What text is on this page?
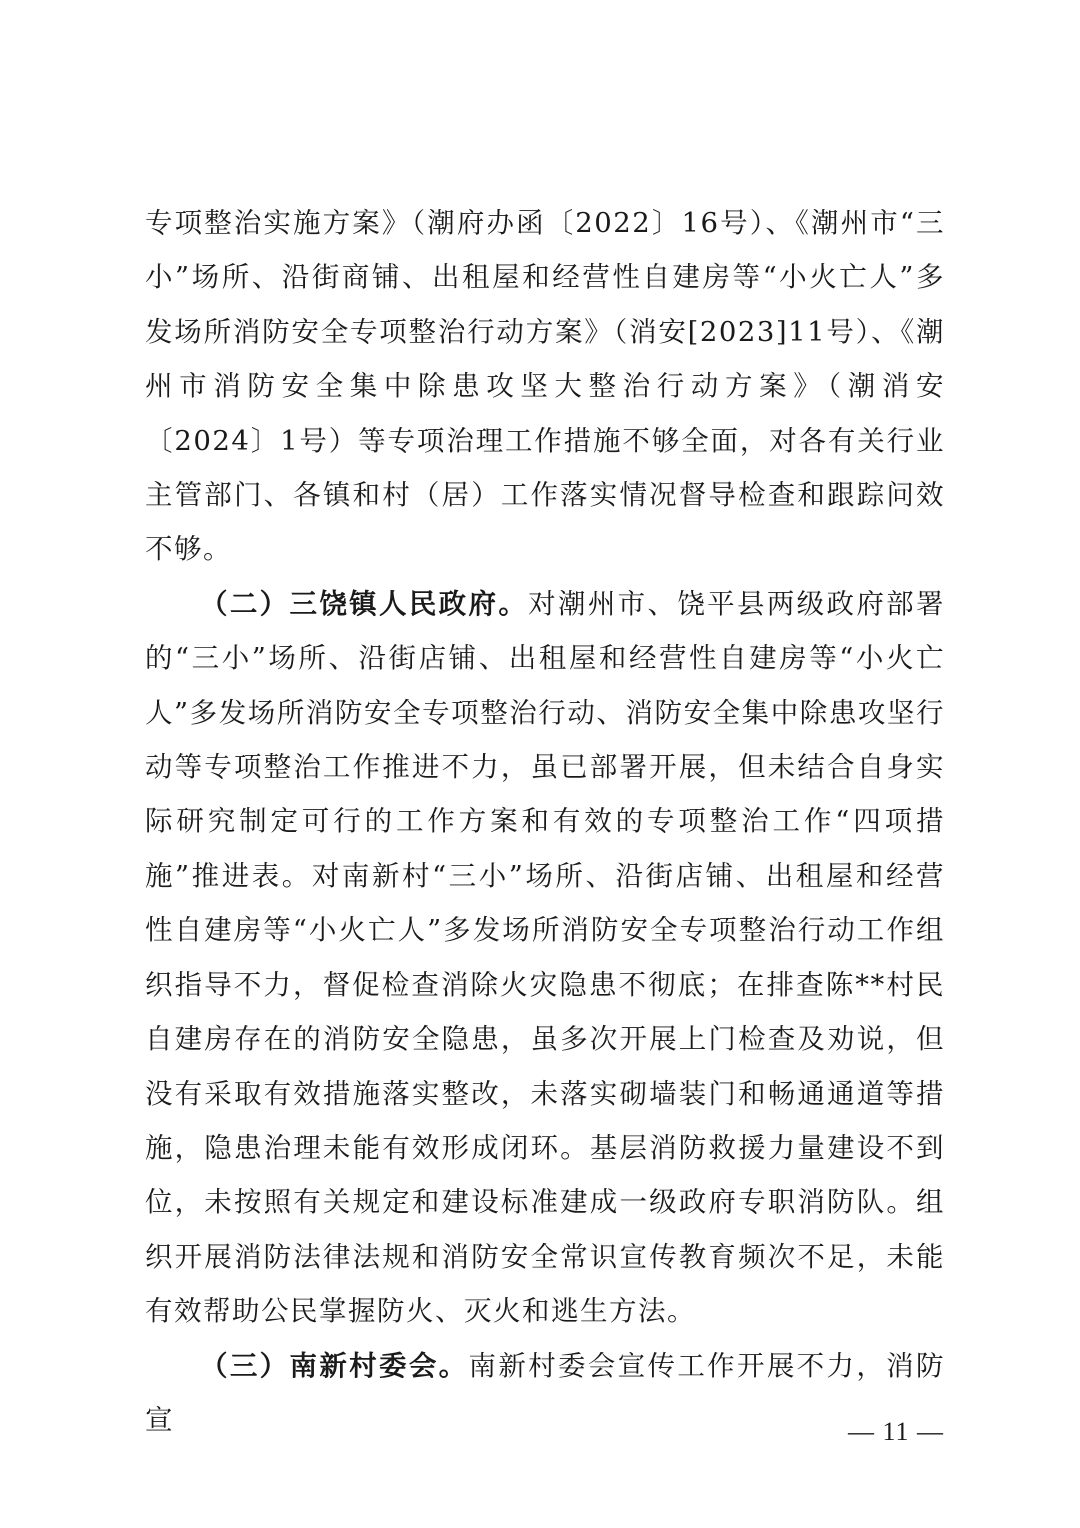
专项整治实施方案》（潮府办函〔2022〕16号）、《潮州市“三小”场所、沿街商铺、出租屋和经营性自建房等“小火亡人”多发场所消防安全专项整治行动方案》（消安[2023]11号）、《潮州市消防安全集中除患攻坚大整治行动方案》（潮消安〔2024〕1号）等专项治理工作措施不够全面，对各有关行业主管部门、各镇和村（居）工作落实情况督导检查和跟踪问效不够。

（二）三饶镇人民政府。对潮州市、饶平县两级政府部署的“三小”场所、沿街店铺、出租屋和经营性自建房等“小火亡人”多发场所消防安全专项整治行动、消防安全集中除患攻坚行动等专项整治工作推进不力，虽已部署开展，但未结合自身实际研究制定可行的工作方案和有效的专项整治工作“四项措施”推进表。对南新村“三小”场所、沿街店铺、出租屋和经营性自建房等“小火亡人”多发场所消防安全专项整治行动工作组织指导不力，督促检查消除火灾隐患不彻底；在排查陈**村民自建房存在的消防安全隐患，虽多次开展上门检查及劝说，但没有采取有效措施落实整改，未落实砌墙装门和畅通通道等措施，隐患治理未能有效形成闭环。基层消防救援力量建设不到位，未按照有关规定和建设标准建成一级政府专职消防队。组织开展消防法律法规和消防安全常识宣传教育频次不足，未能有效帮助公民掌握防火、灭火和逃生方法。

（三）南新村委会。南新村委会宣传工作开展不力，消防宣	— 11 —
